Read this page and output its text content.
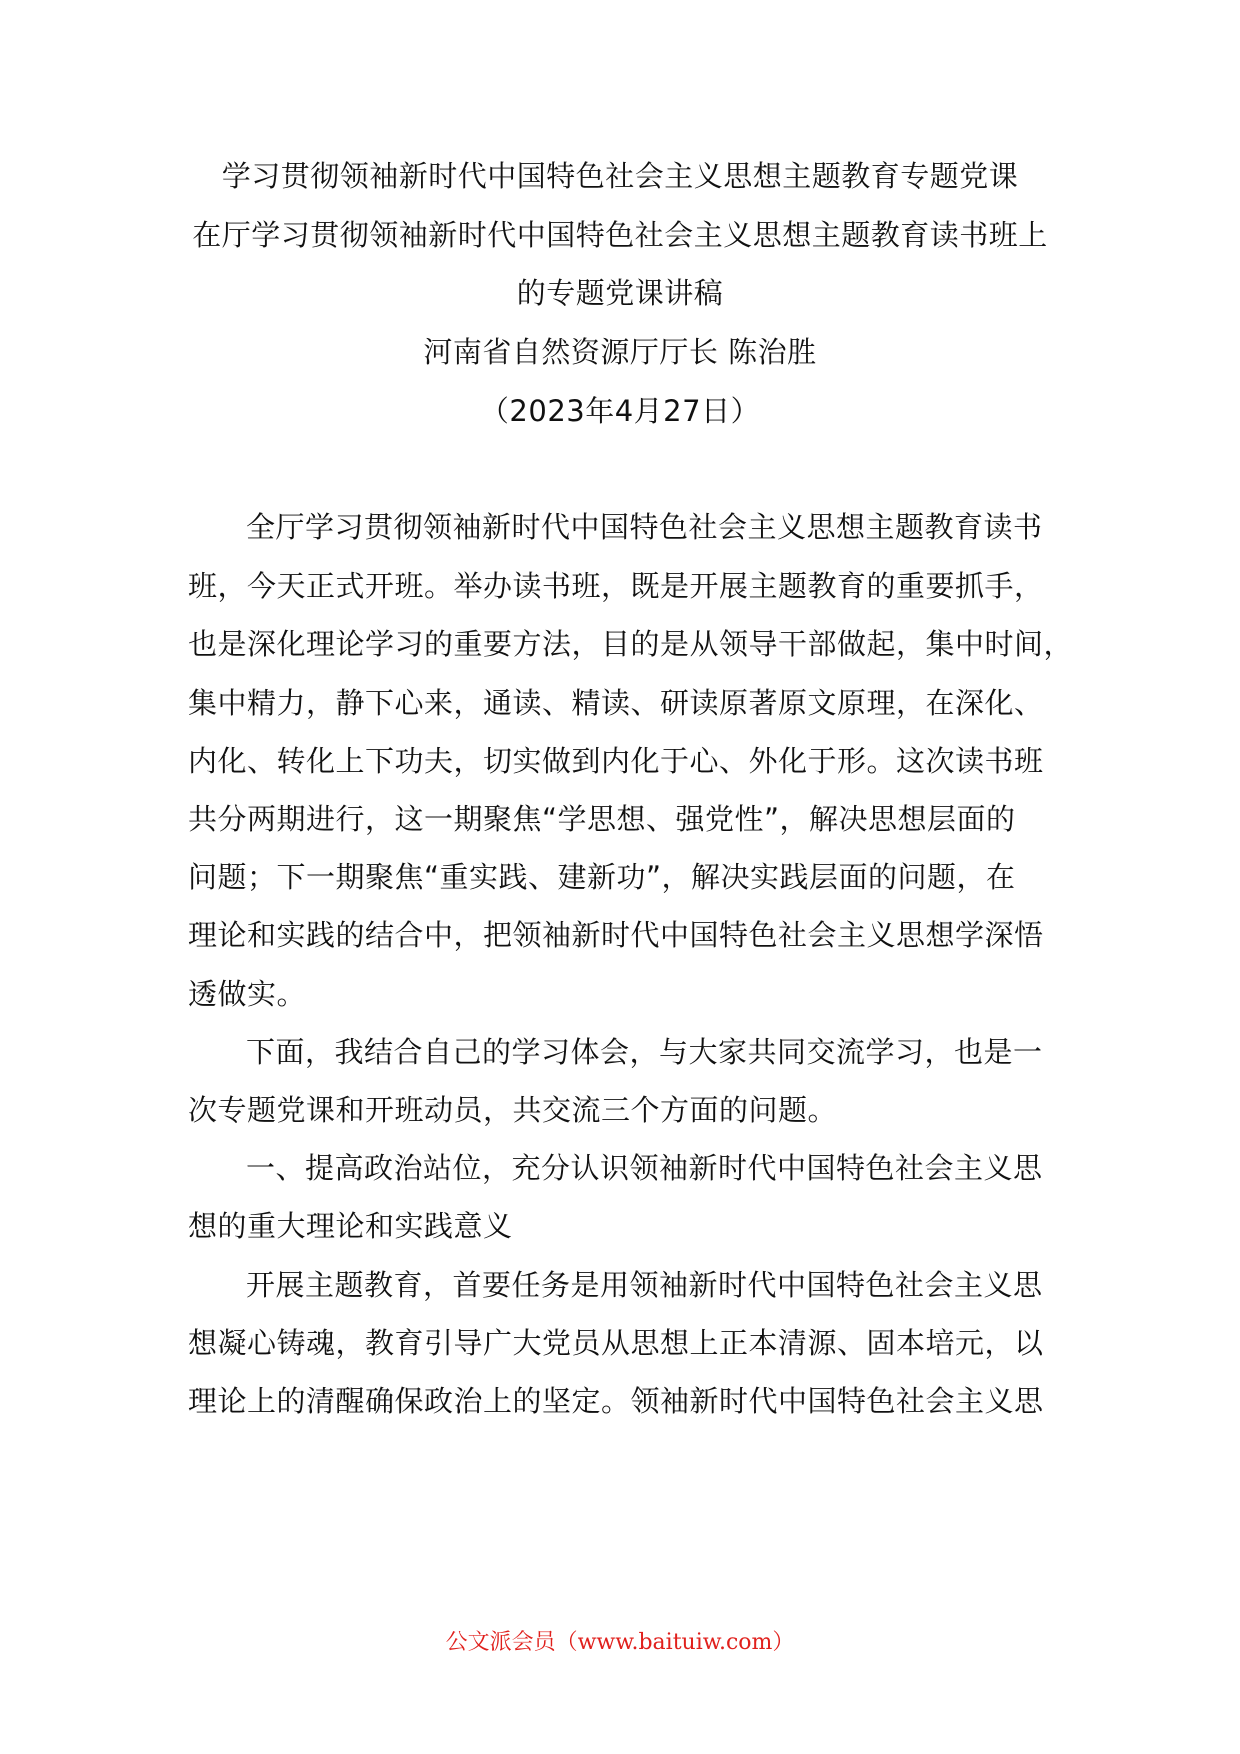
学习贯彻领袖新时代中国特色社会主义思想主题教育专题党课
在厅学习贯彻领袖新时代中国特色社会主义思想主题教育读书班上
的专题党课讲稿
河南省自然资源厅厅长 陈治胜
（2023年4月27日）
全厅学习贯彻领袖新时代中国特色社会主义思想主题教育读书
班，今天正式开班。举办读书班，既是开展主题教育的重要抓手，
也是深化理论学习的重要方法，目的是从领导干部做起，集中时间，
集中精力，静下心来，通读、精读、研读原著原文原理，在深化、
内化、转化上下功夫，切实做到内化于心、外化于形。这次读书班
共分两期进行，这一期聚焦“学思想、强党性”，解决思想层面的
问题；下一期聚焦“重实践、建新功”，解决实践层面的问题，在
理论和实践的结合中，把领袖新时代中国特色社会主义思想学深悟
透做实。
下面，我结合自己的学习体会，与大家共同交流学习，也是一
次专题党课和开班动员，共交流三个方面的问题。
一、提高政治站位，充分认识领袖新时代中国特色社会主义思
想的重大理论和实践意义
开展主题教育，首要任务是用领袖新时代中国特色社会主义思
想凝心铸魂，教育引导广大党员从思想上正本清源、固本培元，以
理论上的清醒确保政治上的坚定。领袖新时代中国特色社会主义思
公文派会员（www.baituiw.com）
